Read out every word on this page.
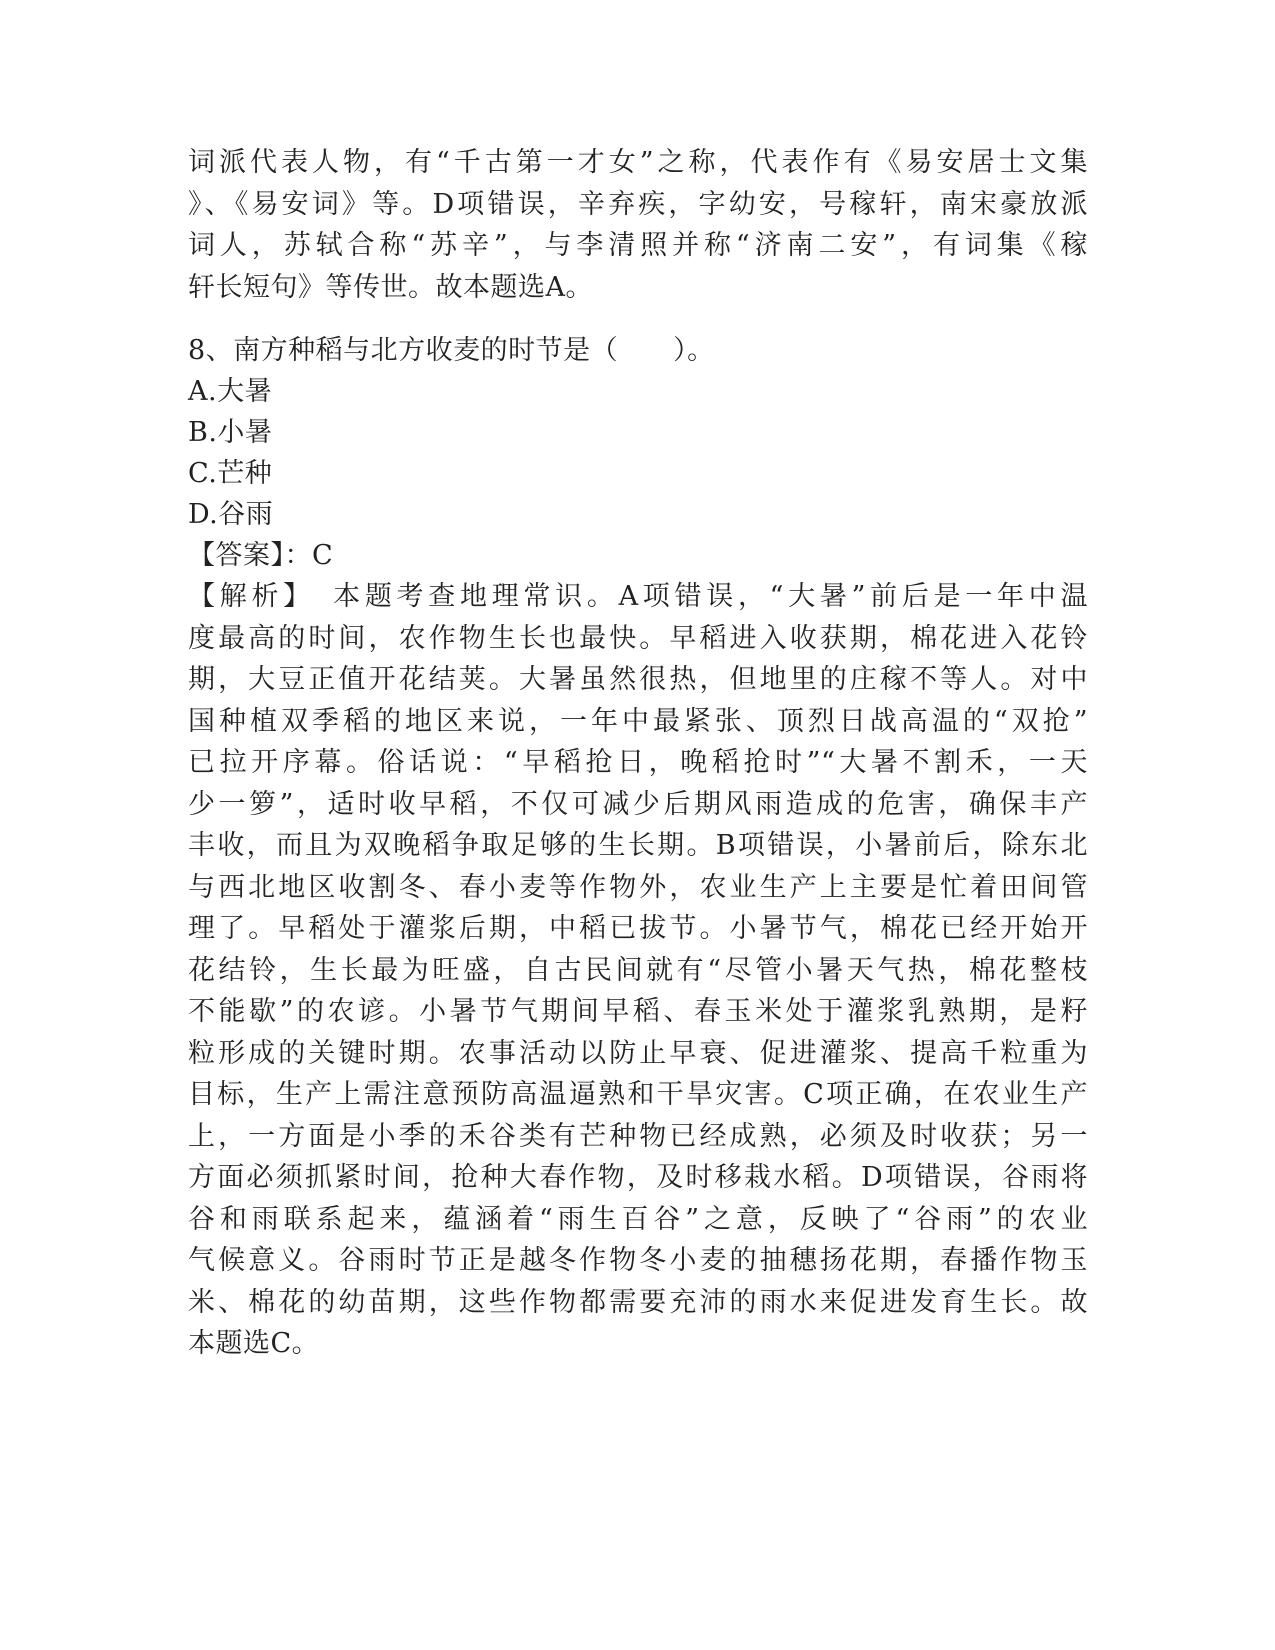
词派代表人物，有“千古第一才女”之称，代表作有《易安居士文集
》、《易安词》等。D项错误，辛弃疾，字幼安，号稼轩，南宋豪放派
词人，苏轼合称“苏辛”，与李清照并称“济南二安”，有词集《稼
轩长短句》等传世。故本题选A。
8、南方种稻与北方收麦的时节是（　　）。
A.大暑
B.小暑
C.芒种
D.谷雨
【答案】：C
【解析】　本题考查地理常识。A项错误，“大暑”前后是一年中温
度最高的时间，农作物生长也最快。早稻进入收获期，棉花进入花铃
期，大豆正值开花结荚。大暑虽然很热，但地里的庄稼不等人。对中
国种植双季稻的地区来说，一年中最紧张、顶烈日战高温的“双抢”
已拉开序幕。俗话说：“早稻抢日，晚稻抢时”“大暑不割禾，一天
少一箩”，适时收早稻，不仅可减少后期风雨造成的危害，确保丰产
丰收，而且为双晚稻争取足够的生长期。B项错误，小暑前后，除东北
与西北地区收割冬、春小麦等作物外，农业生产上主要是忙着田间管
理了。早稻处于灌浆后期，中稻已拔节。小暑节气，棉花已经开始开
花结铃，生长最为旺盛，自古民间就有“尽管小暑天气热，棉花整枝
不能歇”的农谚。小暑节气期间早稻、春玉米处于灌浆乳熟期，是籽
粒形成的关键时期。农事活动以防止早衰、促进灌浆、提高千粒重为
目标，生产上需注意预防高温逼熟和干旱灾害。C项正确，在农业生产
上，一方面是小季的禾谷类有芒种物已经成熟，必须及时收获；另一
方面必须抓紧时间，抢种大春作物，及时移栽水稻。D项错误，谷雨将
谷和雨联系起来，蕴涵着“雨生百谷”之意，反映了“谷雨”的农业
气候意义。谷雨时节正是越冬作物冬小麦的抽穗扬花期，春播作物玉
米、棉花的幼苗期，这些作物都需要充沛的雨水来促进发育生长。故
本题选C。
